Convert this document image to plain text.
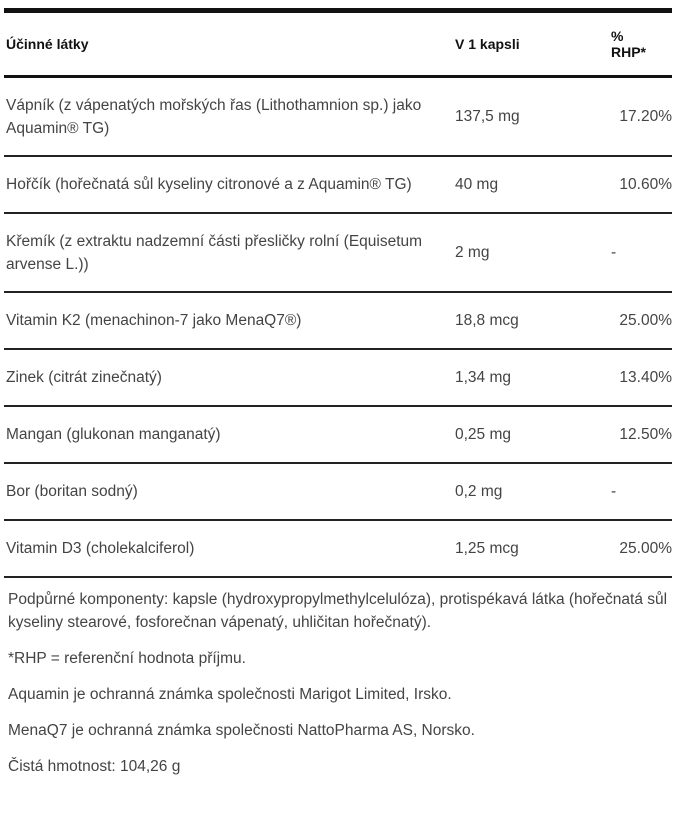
Účinné látky	V 1 kapsli	%
RHP*
Vápník (z vápenatých mořských řas (Lithothamnion sp.) jako Aquamin® TG)	137,5 mg	17.20%
Hořčík (hořečnatá sůl kyseliny citronové a z Aquamin® TG)	40 mg	10.60%
Křemík (z extraktu nadzemní části přesličky rolní (Equisetum arvense L.))	2 mg	-
Vitamin K2 (menachinon-7 jako MenaQ7®)	18,8 mcg	25.00%
Zinek (citrát zinečnatý)	1,34 mg	13.40%
Mangan (glukonan manganatý)	0,25 mg	12.50%
Bor (boritan sodný)	0,2 mg	-
Vitamin D3 (cholekalciferol)	1,25 mcg	25.00%

Podpůrné komponenty: kapsle (hydroxypropylmethylcelulóza), protispékavá látka (hořečnatá sůl kyseliny stearové, fosforečnan vápenatý, uhličitan hořečnatý).

*RHP = referenční hodnota příjmu.

Aquamin je ochranná známka společnosti Marigot Limited, Irsko.

MenaQ7 je ochranná známka společnosti NattoPharma AS, Norsko.

Čistá hmotnost: 104,26 g
